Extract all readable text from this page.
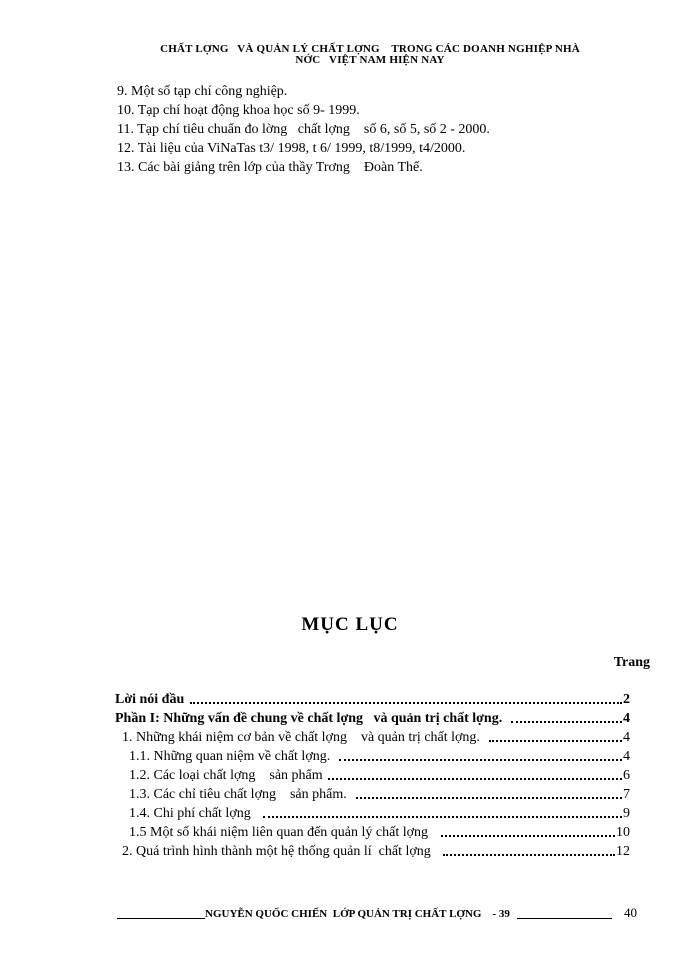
CHẤT LỢNG   VÀ QUẢN LÝ CHẤT LỢNG    TRONG CÁC DOANH NGHIỆP NHÀ
NỚC   VIỆT NAM HIỆN NAY
9. Một số tạp chí công nghiệp.
10. Tạp chí hoạt động khoa học số 9- 1999.
11. Tạp chí tiêu chuẩn đo lờng   chất lợng    số 6, số 5, số 2 - 2000.
12. Tài liệu của ViNaTas t3/ 1998, t 6/ 1999, t8/1999, t4/2000.
13. Các bài giảng trên lớp của thầy Trơng    Đoàn Thể.
MỤC LỤC
Trang
Lời nói đầu	2
Phần I: Những vấn đề chung về chất lợng   và quản trị chất lợng.	4
1. Những khái niệm cơ bản về chất lợng    và quản trị chất lợng.	4
1.1. Những quan niệm về chất lợng.	4
1.2. Các loại chất lợng    sản phẩm	6
1.3. Các chỉ tiêu chất lợng    sản phẩm.	7
1.4. Chi phí chất lợng	9
1.5 Một số khái niệm liên quan đến quản lý chất lợng	10
2. Quá trình hình thành một hệ thống quản lí  chất lợng	12
NGUYỄN QUỐC CHIẾN  LỚP QUẢN TRỊ CHẤT LỢNG    - 39	40
